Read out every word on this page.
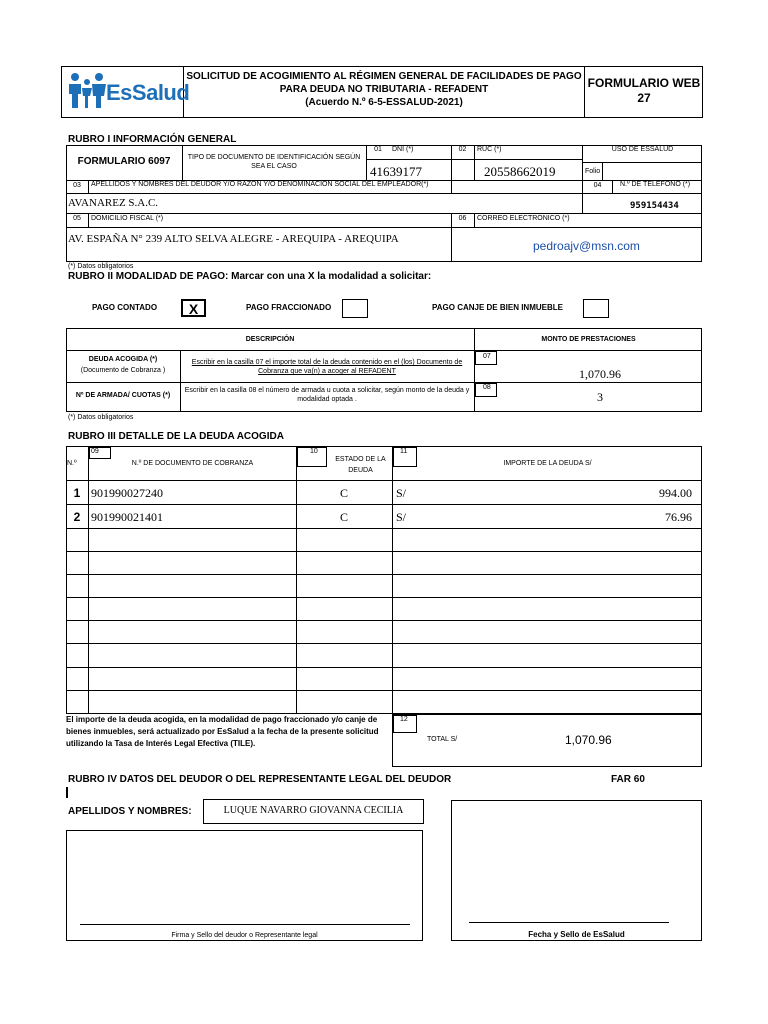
EsSalud
SOLICITUD DE ACOGIMIENTO AL RÉGIMEN GENERAL DE FACILIDADES DE PAGO
PARA DEUDA NO TRIBUTARIA - REFADENT
(Acuerdo N.º 6-5-ESSALUD-2021)
FORMULARIO WEB
27
RUBRO I INFORMACIÓN GENERAL
FORMULARIO 6097	TIPO DE DOCUMENTO DE IDENTIFICACIÓN SEGÚN SEA EL CASO
01	DNI (*)
41639177
02	RUC (*)
20558662019
USO DE ESSALUD
Folio
03	APELLIDOS Y NOMBRES DEL DEUDOR Y/O RAZON Y/O DENOMINACION SOCIAL DEL EMPLEADOR(*)	04	N.º DE TELEFONO (*)
AVANAREZ S.A.C.	959154434
05	DOMICILIO FISCAL (*)	06	CORREO ELECTRÓNICO (*)
AV. ESPAÑA N° 239 ALTO SELVA ALEGRE - AREQUIPA - AREQUIPA	pedroajv@msn.com
(*) Datos obligatorios
RUBRO II MODALIDAD DE PAGO: Marcar con una X la modalidad a solicitar:
PAGO CONTADO	X	PAGO FRACCIONADO	PAGO CANJE DE BIEN INMUEBLE
DESCRIPCIÓN	MONTO DE PRESTACIONES
DEUDA ACOGIDA (*)
(Documento de Cobranza )
Escribir en la casilla 07 el importe total de la deuda contenido en el (los) Documento de Cobranza que va(n) a acoger al REFADENT
07
1,070.96
Nº DE ARMADA/ CUOTAS (*)
Escribir en la casilla 08 el número de armada u cuota a solicitar, según monto de la deuda y modalidad optada .
08
3
(*) Datos obligatorios
RUBRO III DETALLE DE LA DEUDA ACOGIDA
N.º
09
N.º DE DOCUMENTO DE COBRANZA
10
ESTADO DE LA DEUDA
11
IMPORTE DE LA DEUDA S/
1 901990027240	C	S/	994.00
2 901990021401	C	S/	76.96
El importe de la deuda acogida, en la modalidad de pago fraccionado y/o canje de bienes inmuebles, será actualizado por EsSalud a la fecha de la presente solicitud utilizando la Tasa de Interés Legal Efectiva (TILE).
12
TOTAL S/	1,070.96
RUBRO IV DATOS DEL DEUDOR O DEL REPRESENTANTE LEGAL DEL DEUDOR	FAR 60
APELLIDOS Y NOMBRES:	LUQUE NAVARRO GIOVANNA CECILIA
Firma y Sello del deudor o Representante legal	Fecha y Sello de EsSalud
